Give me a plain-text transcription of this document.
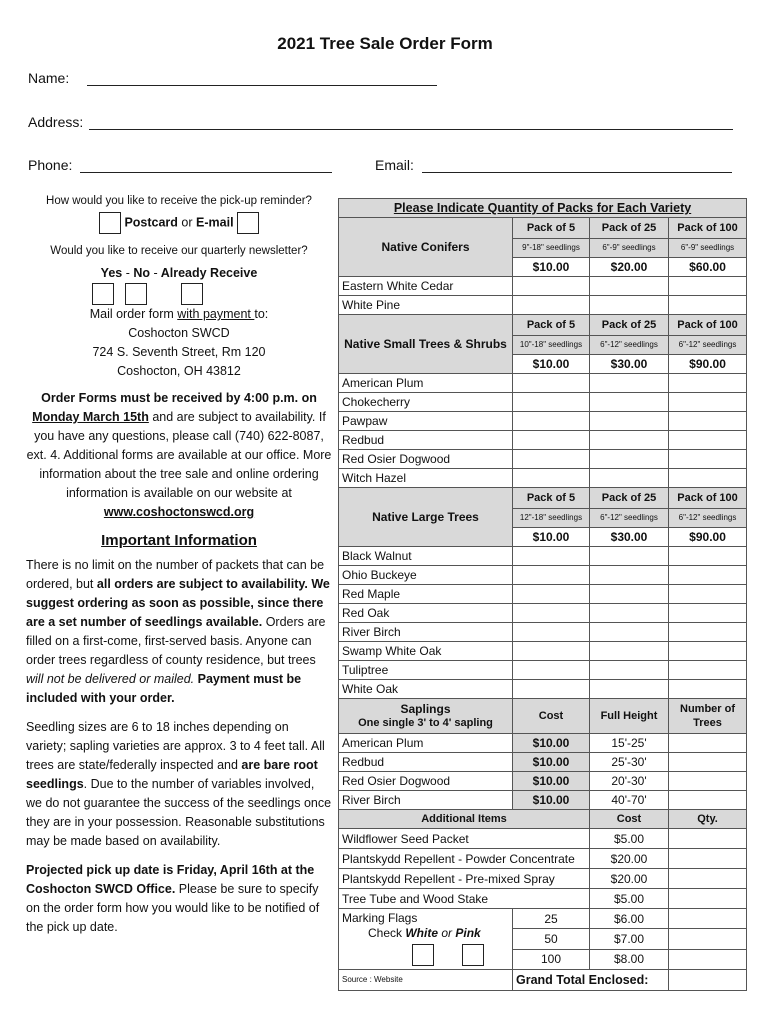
2021 Tree Sale Order Form
Name:
Address:
Phone:	Email:
How would you like to receive the pick-up reminder?
Postcard or E-mail
Would you like to receive our quarterly newsletter?
Yes - No - Already Receive

Mail order form with payment to:
Coshocton SWCD
724 S. Seventh Street, Rm 120
Coshocton, OH 43812
Order Forms must be received by 4:00 p.m. on Monday March 15th and are subject to availability. If you have any questions, please call (740) 622-8087, ext. 4. Additional forms are available at our office. More information about the tree sale and online ordering information is available on our website at
www.coshoctonswcd.org
Important Information
There is no limit on the number of packets that can be ordered, but all orders are subject to availability. We suggest ordering as soon as possible, since there are a set number of seedlings available. Orders are filled on a first-come, first-served basis. Anyone can order trees regardless of county residence, but trees will not be delivered or mailed. Payment must be included with your order.
Seedling sizes are 6 to 18 inches depending on variety; sapling varieties are approx. 3 to 4 feet tall. All trees are state/federally inspected and are bare root seedlings. Due to the number of variables involved, we do not guarantee the success of the seedlings once they are in your possession. Reasonable substitutions may be made based on availability.
Projected pick up date is Friday, April 16th at the Coshocton SWCD Office. Please be sure to specify on the order form how you would like to be notified of the pick up date.
Please Indicate Quantity of Packs for Each Variety			
Native Conifers	Pack of 5	Pack of 25	Pack of 100
	9"-18" seedlings	6"-9" seedlings	6"-9" seedlings
	$10.00	$20.00	$60.00
Eastern White Cedar			
White Pine			
Native Small Trees & Shrubs	Pack of 5	Pack of 25	Pack of 100
	10"-18" seedlings	6"-12" seedlings	6"-12" seedlings
	$10.00	$30.00	$90.00
American Plum			
Chokecherry			
Pawpaw			
Redbud			
Red Osier Dogwood			
Witch Hazel			
Native Large Trees	Pack of 5	Pack of 25	Pack of 100
	12"-18" seedlings	6"-12" seedlings	6"-12" seedlings
	$10.00	$30.00	$90.00
Black Walnut			
Ohio Buckeye			
Red Maple			
Red Oak			
River Birch			
Swamp White Oak			
Tuliptree			
White Oak			

Saplings
One single 3' to 4' sapling	Cost	Full Height	Number of Trees
American Plum	$10.00	15'-25'	
Redbud	$10.00	25'-30'	
Red Osier Dogwood	$10.00	20'-30'	
River Birch	$10.00	40'-70'	
Additional Items		Cost	Qty.
Wildflower Seed Packet		$5.00	
Plantskydd Repellent - Powder Concentrate		$20.00	
Plantskydd Repellent - Pre-mixed Spray		$20.00	
Tree Tube and Wood Stake		$5.00	

Marking Flags
Check White or Pink	25	$6.00	
	50	$7.00	
	100	$8.00	
Source : Website	Grand Total Enclosed:		
